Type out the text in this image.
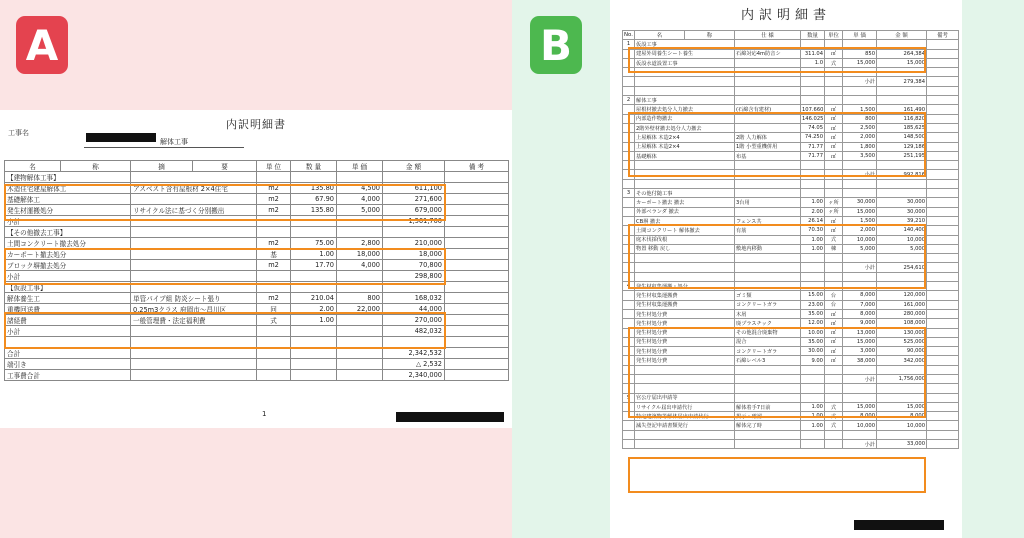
A	B
内訳明細書
工事名
解体工事
名	称	摘	要	単 位	数 量	単 価	金 額	備 考
【建物解体工事】								
木造住宅建屋解体工		アスベスト含有屋根材 2×4住宅		m2	135.80	4,500	611,100	
基礎解体工				m2	67.90	4,000	271,600	
発生材運搬処分		リサイクル法に基づく分別搬出		m2	135.80	5,000	679,000	
小計							1,561,700	
【その他撤去工事】								
土間コンクリート撤去処分				m2	75.00	2,800	210,000	
カーポート撤去処分				基	1.00	18,000	18,000	
ブロック塀撤去処分				m2	17.70	4,000	70,800	
小計							298,800	
【仮設工事】								
解体養生工		単管パイプ組 防炎シート張り		m2	210.04	800	168,032	
重機回送費		0.25m3クラス 府岡市～昌川区		回	2.00	22,000	44,000	
諸経費		一般管理費・法定福利費		式	1.00		270,000	
小計							482,032	

合計							2,342,532	
端引き							△ 2,532	
工事費合計							2,340,000	
1
内訳明細書
No.	名	称	仕 様	数量	単位	単 価	金 額	備考
1	仮設工事							
	建屋外周養生シート養生		石綿対応4m防音シ	311.04	㎡	850	264,384	
	仮設水道設置工事			1.0	式	15,000	15,000	

						小計	279,384	

2	解体工事							
	屋根材撤去処分人力撤去		(石綿含有建材)	107.660	㎡	1,500	161,490	
	内部造作物撤去			146.025	㎡	800	116,820	
	2階外壁材撤去処分人力撤去			74.05	㎡	2,500	185,625	
	上屋解体 木造2×4		2階 人力解体	74.250	㎡	2,000	148,500	
	上屋解体 木造2×4		1階 小型重機併用	71.77	㎡	1,800	129,186	
	基礎解体		布基	71.77	㎡	3,500	251,195	

						小計	992,816	

3	その他付随工事							
	カーポート撤去 撤去		3台用	1.00	ヶ所	30,000	30,000	
	外部ベランダ 撤去			2.00	ヶ所	15,000	30,000	
	CB塀 撤去		フェンス共	26.14	㎡	1,500	39,210	
	土間コンクリート 解体撤去		有筋	70.30	㎡	2,000	140,400	
	庭木伐採伐根			1.00	式	10,000	10,000	
	物置 移動 戻し		敷地内移動	1.00	棟	5,000	5,000	

						小計	254,610	

4	発生材収集運搬・処分							
	発生材収集運搬費		ゴミ類	15.00	台	8,000	120,000	
	発生材収集運搬費		コンクリートガラ	23.00	台	7,000	161,000	
	発生材処分費		木屑	35.00	㎥	8,000	280,000	
	発生材処分費		廃プラスチック	12.00	㎥	9,000	108,000	
	発生材処分費		その他混合廃棄物	10.00	㎥	13,000	130,000	
	発生材処分費		混合	35.00	㎥	15,000	525,000	
	発生材処分費		コンクリートガラ	30.00	㎥	3,000	90,000	
	発生材処分費		石綿レベル3	9.00	㎥	38,000	342,000	

						小計	1,756,000	

5	官公庁届出申請等							
	リサイクル届出申請代行		解体着手7日前	1.00	式	15,000	15,000	
	特定建築物等解体届出申請代行		掲示・確認	1.00	式	8,000	8,000	
	滅失登記申請書類発行		解体完了時	1.00	式	10,000	10,000	

						小計	33,000	
